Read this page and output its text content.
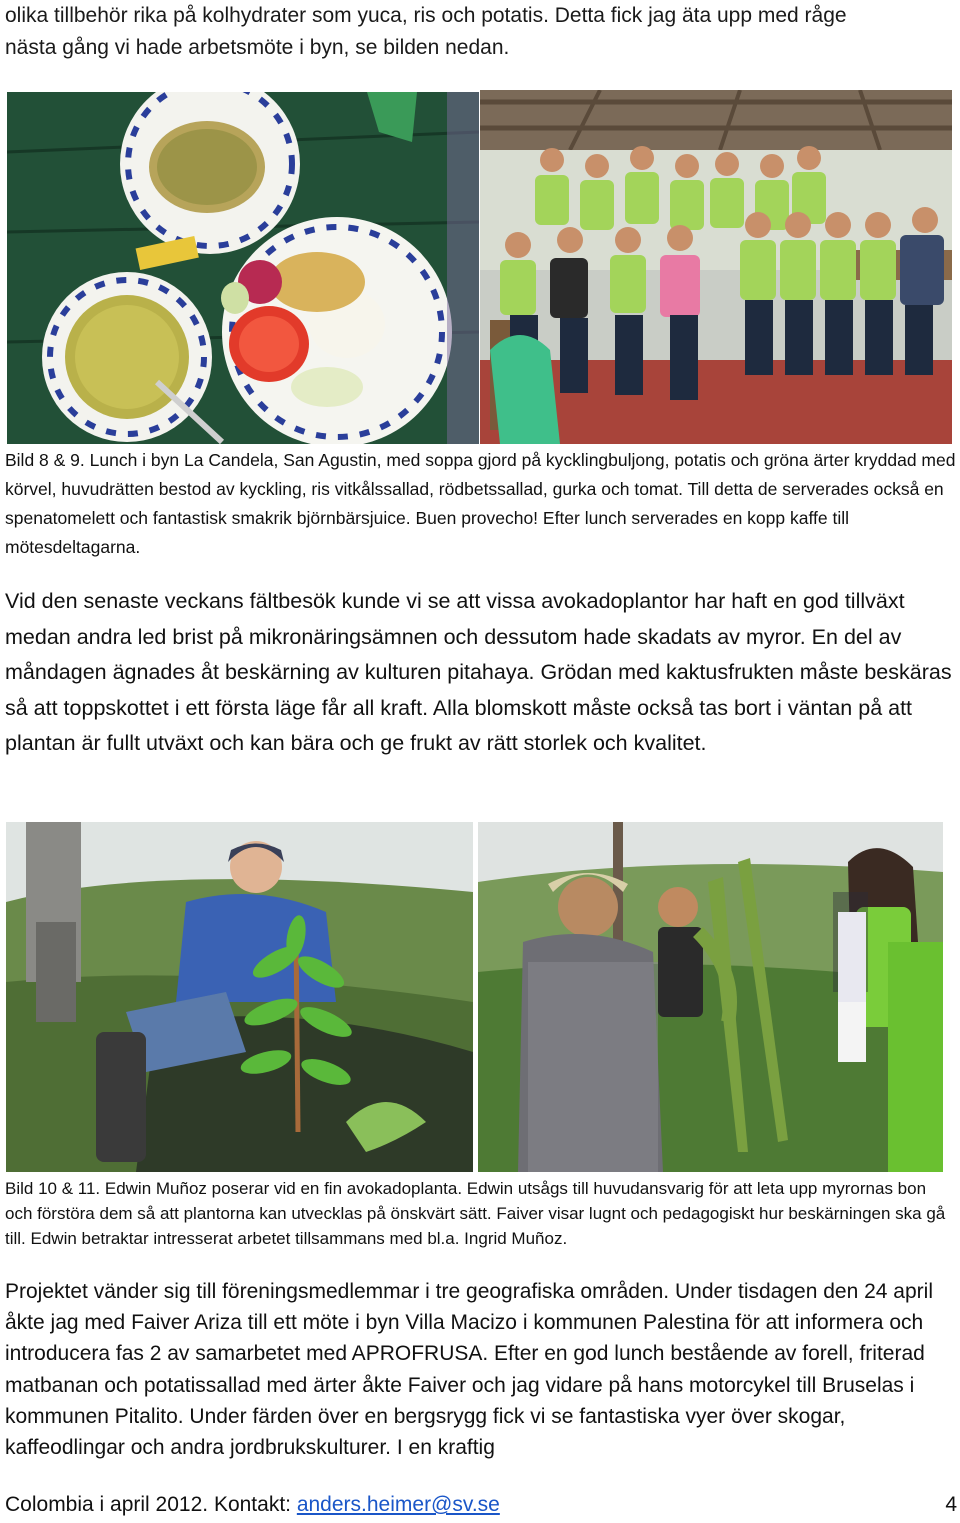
olika tillbehör rika på kolhydrater som yuca, ris och potatis. Detta fick jag äta upp med råge

nästa gång vi hade arbetsmöte i byn, se bilden nedan.

Bild 8 & 9. Lunch i byn La Candela, San Agustin, med soppa gjord på kycklingbuljong, potatis och gröna ärter kryddad med körvel, huvudrätten bestod av kyckling, ris vitkålssallad, rödbetssallad, gurka och tomat. Till detta de serverades också en spenatomelett och fantastisk smakrik björnbärsjuice. Buen provecho! Efter lunch serverades en kopp kaffe till mötesdeltagarna.
Vid den senaste veckans fältbesök kunde vi se att vissa avokadoplantor har haft en god tillväxt medan andra led brist på mikronäringsämnen och dessutom hade skadats av myror. En del av måndagen ägnades åt beskärning av kulturen pitahaya. Grödan med kaktusfrukten måste beskäras så att toppskottet i ett första läge får all kraft. Alla blomskott måste också tas bort i väntan på att plantan är fullt utväxt och kan bära och ge frukt av rätt storlek och kvalitet.
Bild 10 & 11. Edwin Muñoz poserar vid en fin avokadoplanta. Edwin utsågs till huvudansvarig för att leta upp myrornas bon och förstöra dem så att plantorna kan utvecklas på önskvärt sätt. Faiver visar lugnt och pedagogiskt hur beskärningen ska gå till. Edwin betraktar intresserat arbetet tillsammans med bl.a. Ingrid Muñoz.
Projektet vänder sig till föreningsmedlemmar i tre geografiska områden. Under tisdagen den 24 april åkte jag med Faiver Ariza till ett möte i byn Villa Macizo i kommunen Palestina för att informera och introducera fas 2 av samarbetet med APROFRUSA. Efter en god lunch bestående av forell, friterad matbanan och potatissallad med ärter åkte Faiver och jag vidare på hans motorcykel till Bruselas i kommunen Pitalito. Under färden över en bergsrygg fick vi se fantastiska vyer över skogar, kaffeodlingar och andra jordbrukskulturer. I en kraftig
Colombia i april 2012. Kontakt: anders.heimer@sv.se	4
